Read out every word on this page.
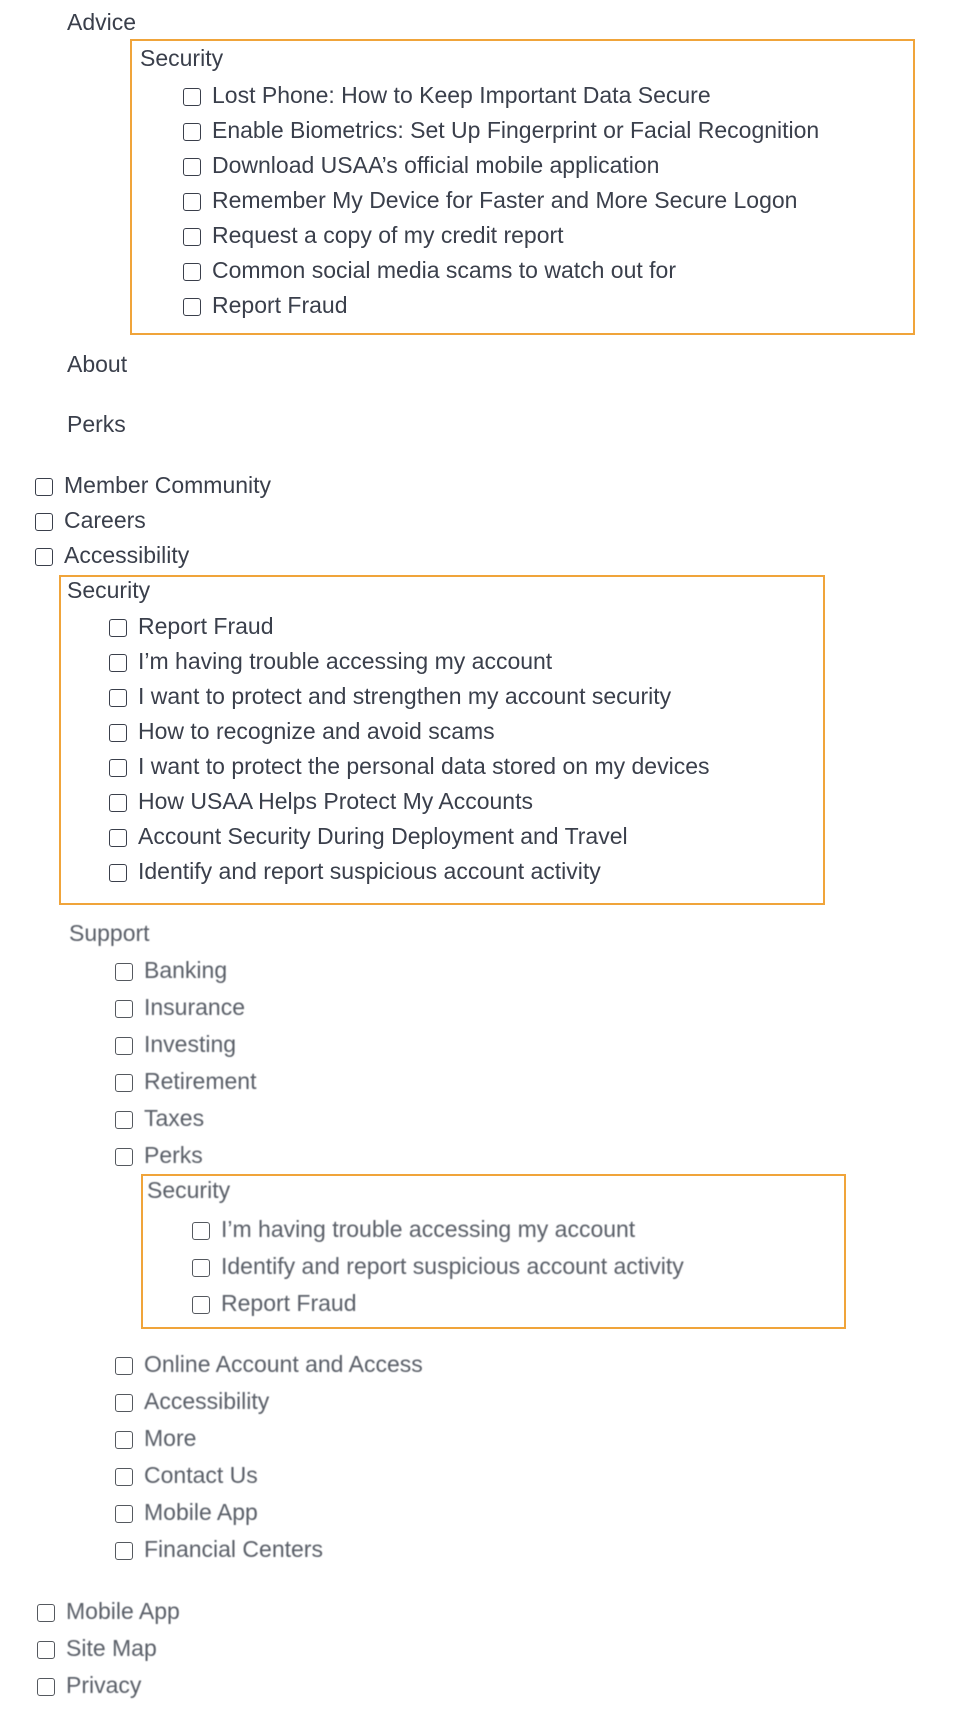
Advice
Security
Lost Phone: How to Keep Important Data Secure
Enable Biometrics: Set Up Fingerprint or Facial Recognition
Download USAA’s official mobile application
Remember My Device for Faster and More Secure Logon
Request a copy of my credit report
Common social media scams to watch out for
Report Fraud
About
Perks
Member Community
Careers
Accessibility
Security
Report Fraud
I’m having trouble accessing my account
I want to protect and strengthen my account security
How to recognize and avoid scams
I want to protect the personal data stored on my devices
How USAA Helps Protect My Accounts
Account Security During Deployment and Travel
Identify and report suspicious account activity
Support
Banking
Insurance
Investing
Retirement
Taxes
Perks
Security
I’m having trouble accessing my account
Identify and report suspicious account activity
Report Fraud
Online Account and Access
Accessibility
More
Contact Us
Mobile App
Financial Centers
Mobile App
Site Map
Privacy
